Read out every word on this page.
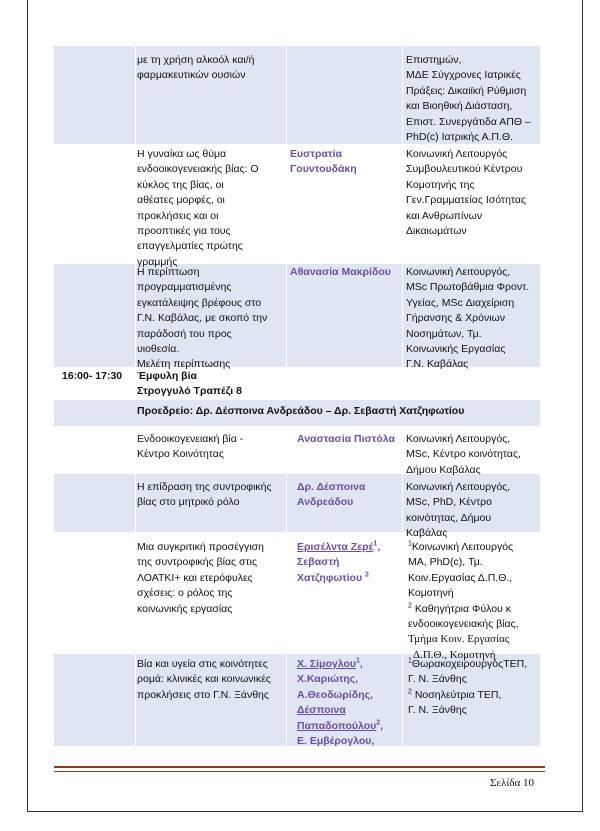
με τη χρήση αλκοόλ και/ή
φαρμακευτικών ουσιών
Επιστημών,
ΜΔΕ Σύγχρονες Ιατρικές
Πράξεις: Δικαιϊκή Ρύθμιση
και Βιοηθική Διάσταση,
Επιστ. Συνεργάτιδα ΑΠΘ –
PhD(c) Ιατρικής Α.Π.Θ.
Η γυναίκα ως θύμα
ενδοοικογενειακής βίας: Ο
κύκλος της βίας, οι
αθέατες μορφές, οι
προκλήσεις και οι
προοπτικές για τους
επαγγελματίες πρώτης
γραμμής
Ευστρατία
Γουντουδάκη
Κοινωνική Λειτουργός
Συμβουλευτικού Κέντρου
Κομοτηνής της
Γεν.Γραμματείας Ισότητας
και Ανθρωπίνων
Δικαιωμάτων
Η περίπτωση
προγραμματισμένης
εγκατάλειψης βρέφους στο
Γ.Ν. Καβάλας, με σκοπό την
παράδοσή του προς
υιοθεσία.
Μελέτη περίπτωσης
Αθανασία Μακρίδου	Κοινωνική Λειτουργός,
MSc Πρωτοβάθμια Φροντ.
Υγείας, MSc Διαχείριση
Γήρανσης & Χρόνιων
Νοσημάτων, Τμ.
Κοινωνικής Εργασίας
Γ.Ν. Καβάλας
16:00- 17:30 Έμφυλη βία
Στρογγυλό Τραπέζι 8
Προεδρείο: Δρ. Δέσποινα Ανδρεάδου – Δρ. Σεβαστή Χατζηφωτίου
Ενδοοικογενειακή βία -
Κέντρο Κοινότητας
Αναστασία Πιστόλα	Κοινωνική Λειτουργός,
MSc, Κέντρο κοινότητας,
Δήμου Καβάλας
Η επίδραση της συντροφικής
βίας στο μητρικό ρόλο
Δρ. Δέσποινα
Ανδρεάδου
Κοινωνική Λειτουργός,
MSc, PhD, Κέντρο
κοινότητας, Δήμου
Καβάλας
Μια συγκριτική προσέγγιση
της συντροφικής βίας στις
ΛΟΑΤΚΙ+ και ετερόφυλες
σχέσεις: ο ρόλος της
κοινωνικής εργασίας
Ερισέλντα Ζερέ$^1$,
Σεβαστή
Χατζηφωτίου $^2$
$^1$Κοινωνική Λειτουργός
MA, PhD(c), Τμ.
Κοιν.Εργασίας Δ.Π.Θ.,
Κομοτηνή
$^2$ Καθηγήτρια Φύλου κ
ενδοοικογενειακής βίας,
Τμήμα Κοιν. Εργασίας
Δ.Π.Θ., Κομοτηνή
Βία και υγεία στις κοινότητες
ρομά: κλινικές και κοινωνικές
προκλήσεις στο Γ.Ν. Ξάνθης
Χ. Σίμογλου$^1$,
Χ.Καριώτης,
Α.Θεοδωρίδης,
Δέσποινα
Παπαδοπούλου$^2$,
Ε. Εμβέρογλου,
$^1$ΘωρακοχειρουργόςΤΕΠ,
Γ. Ν. Ξάνθης
$^2$ Νοσηλεύτρια ΤΕΠ,
Γ. Ν. Ξάνθης
Σελίδα 10
